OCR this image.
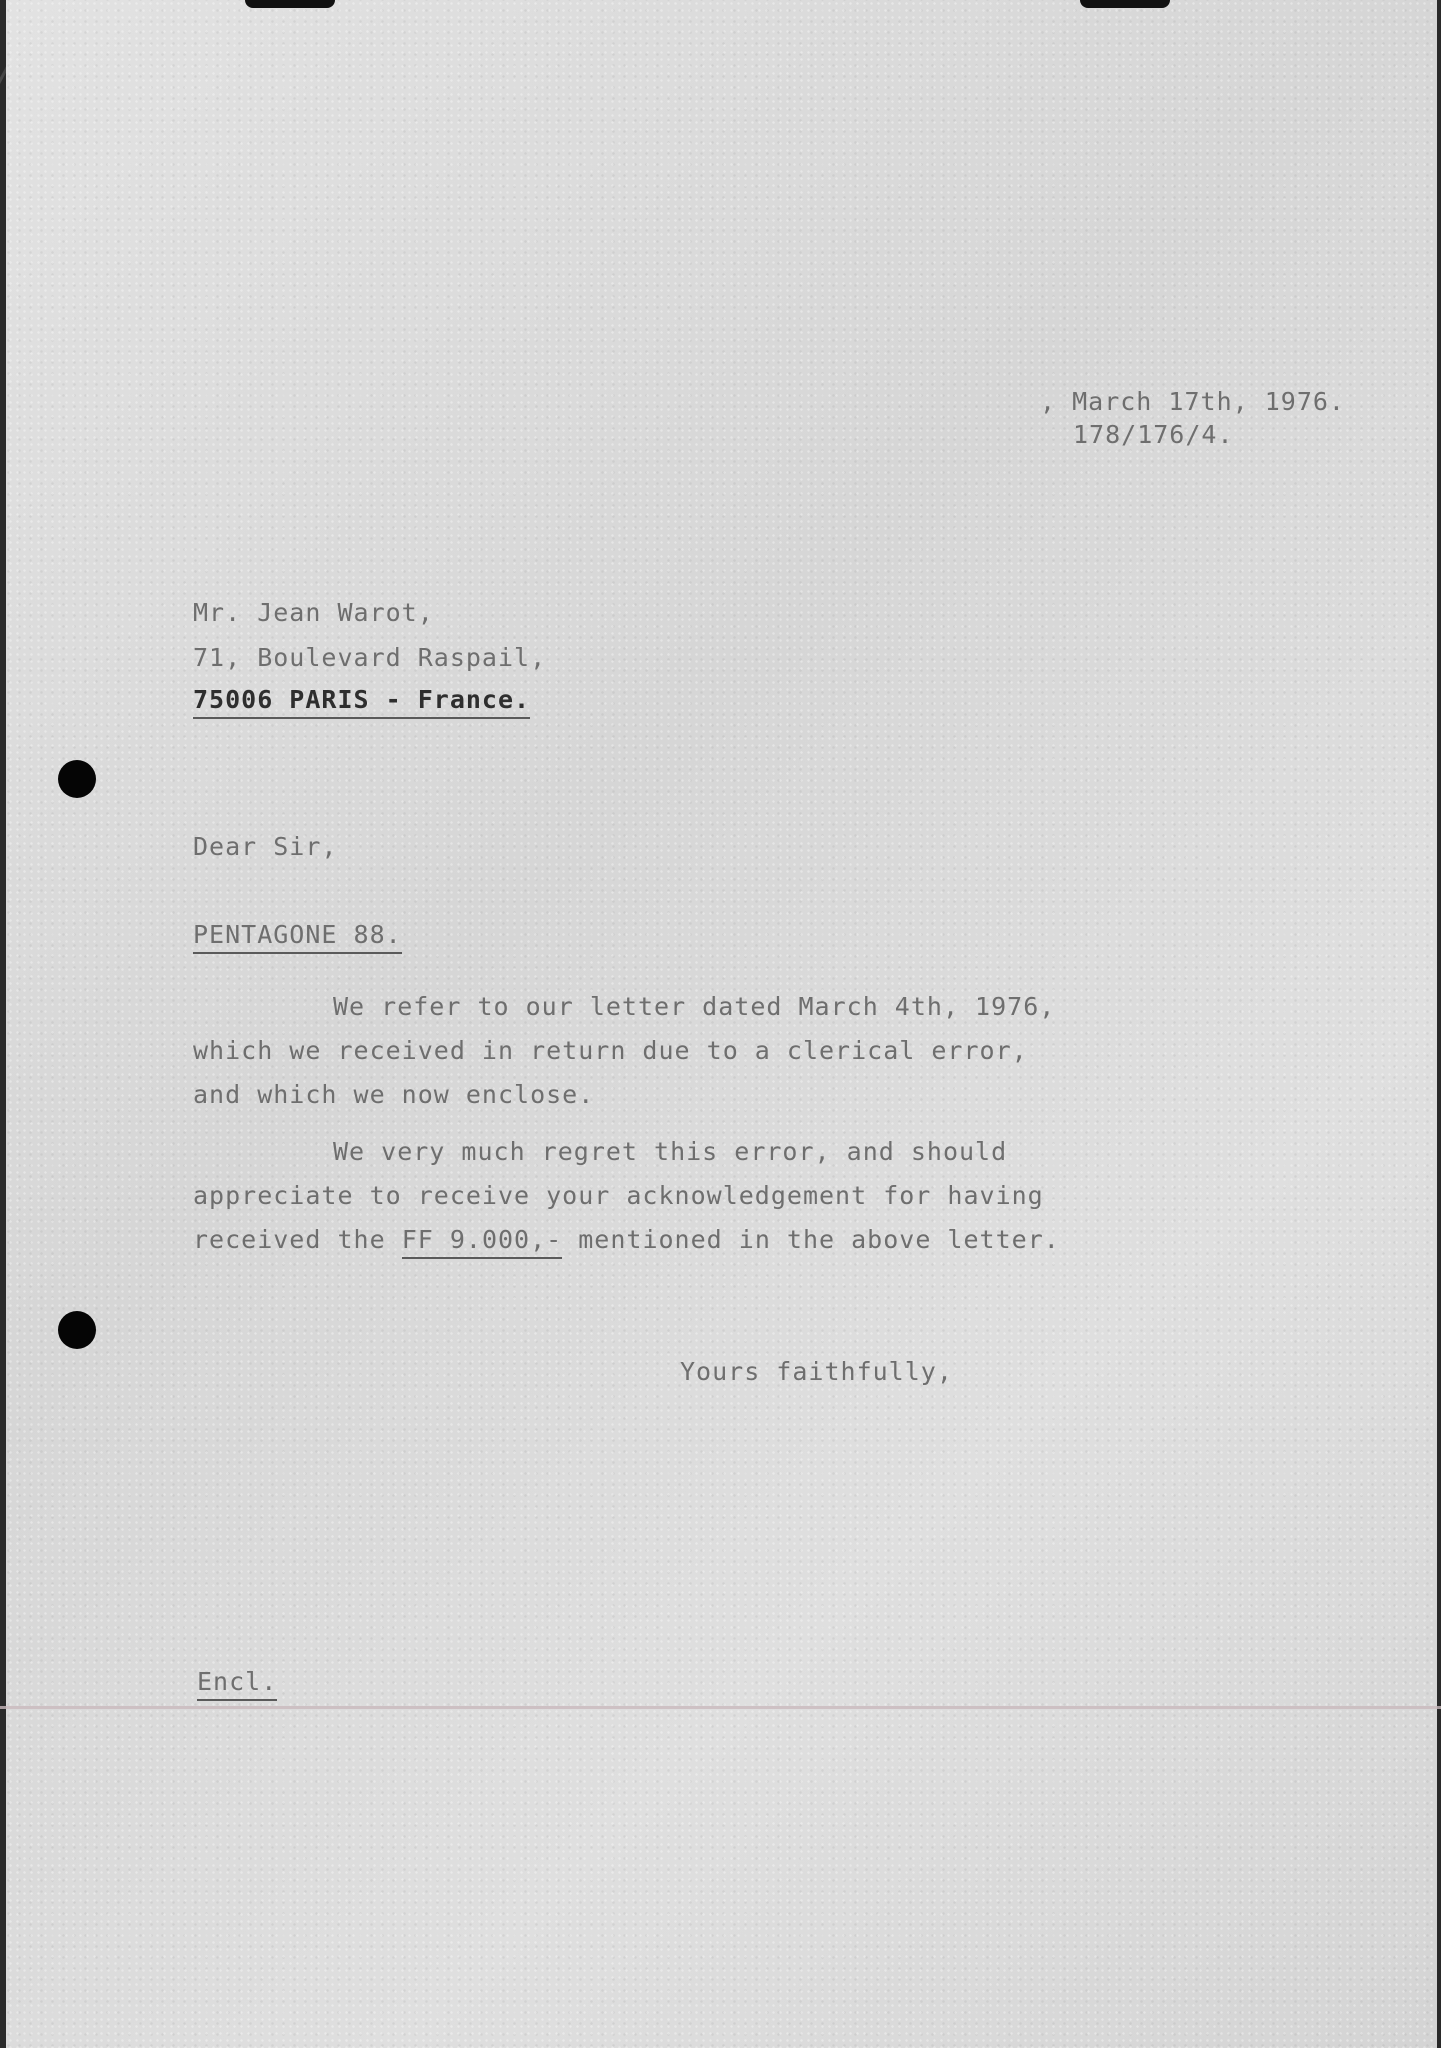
, March 17th, 1976.
178/176/4.
Mr. Jean Warot,
71, Boulevard Raspail,
75006 PARIS - France.
Dear Sir,
PENTAGONE 88.
We refer to our letter dated March 4th, 1976,
which we received in return due to a clerical error,
and which we now enclose.
We very much regret this error, and should
appreciate to receive your acknowledgement for having
received the FF 9.000,- mentioned in the above letter.
Yours faithfully,
Encl.
